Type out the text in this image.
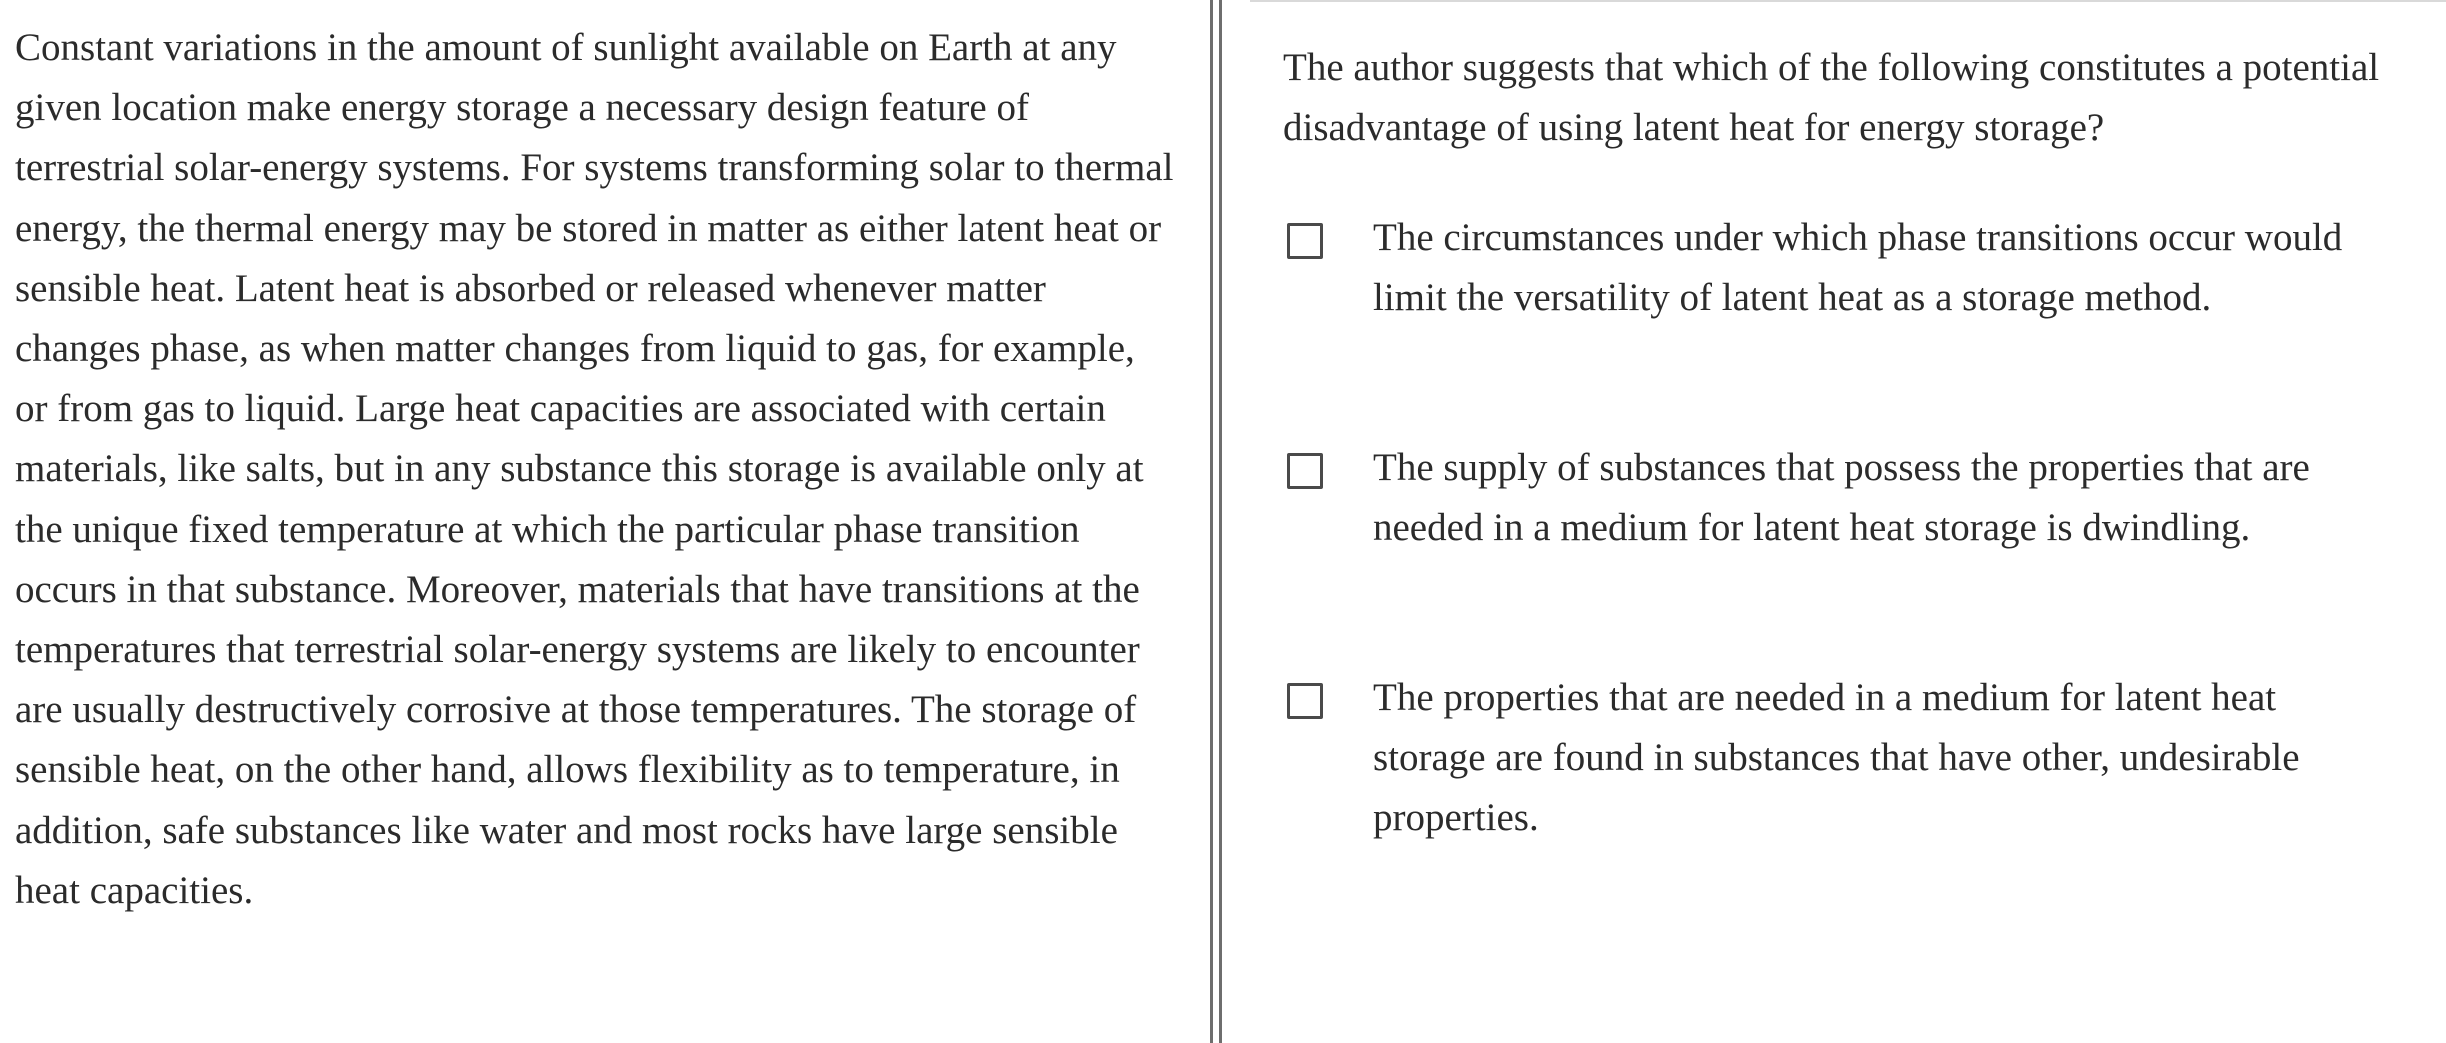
Constant variations in the amount of sunlight available on Earth at any given location make energy storage a necessary design feature of terrestrial solar-energy systems. For systems transforming solar to thermal energy, the thermal energy may be stored in matter as either latent heat or sensible heat. Latent heat is absorbed or released whenever matter changes phase, as when matter changes from liquid to gas, for example, or from gas to liquid. Large heat capacities are associated with certain materials, like salts, but in any substance this storage is available only at the unique fixed temperature at which the particular phase transition occurs in that substance. Moreover, materials that have transitions at the temperatures that terrestrial solar-energy systems are likely to encounter are usually destructively corrosive at those temperatures. The storage of sensible heat, on the other hand, allows flexibility as to temperature, in addition, safe substances like water and most rocks have large sensible heat capacities.

The author suggests that which of the following constitutes a potential disadvantage of using latent heat for energy storage?

The circumstances under which phase transitions occur would limit the versatility of latent heat as a storage method.

The supply of substances that possess the properties that are needed in a medium for latent heat storage is dwindling.

The properties that are needed in a medium for latent heat storage are found in substances that have other, undesirable properties.
